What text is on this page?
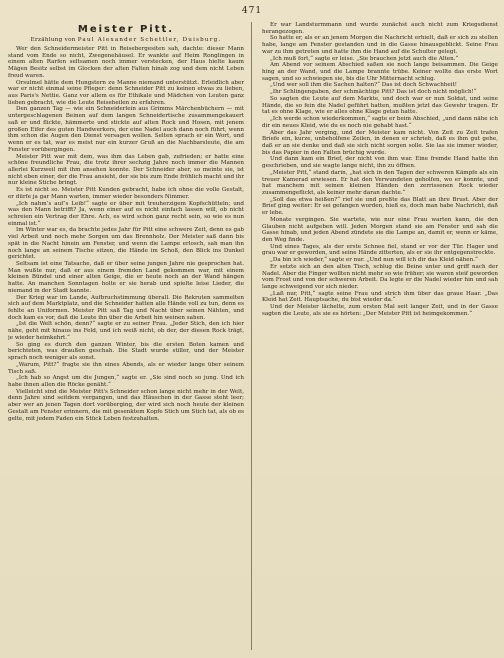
471
Meister Pitt.
Erzählung von Paul Alexander Schettler, Duisburg.

Wer den Schneidermeister Pitt in Reisebergesiten sah, dachte: dieser Mann stand vom Ende so nicht, Zwegenehäusel. Er wankte auf Heim Ronglingen in einem alten Rarfen seltsamen noch immer verstecken, der Haus hielte kaum Mägen Besitz selbst im Glocken der alten Falten hinab zog und dem nicht Leben freud waren.

Orsulmel hätte dem Hungstern zu Manne niemand unterstützt. Erleidlich aber war er nicht einmal seine Pfleger: denn Schneider Pitt zu keinen etwas zu lieben, aus Paris's Nettie. Ganz vor allem es für Ethikale und Mädchen von Leuten ganz lieben gebracht, wie die Leute Reiseheilen zu erfahren.

Den ganzen Tag — wie ein Schneiderlein aus Grimms Märchenbüchern — mit untergeschlagenen Beinen auf dem langen Schneidertische zusammengekauert saß er und flickte, hämmerte und stickte auf alten Rock und Hosen, mit jenem großen Eifer des guten Handwerkers, der eine Nadel auch dann noch führt, wenn ihm schon die Augen den Dienst versagen wollen. Selten sprach er ein Wort, und wenn er es tat, war es meist nur ein kurzer Gruß an die Nachbarsleute, die am Fenster vorübergingen.

Meister Pitt war mit dem, was ihm das Leben gab, zufrieden; er hatte eine schöne freundliche Frau, die trotz ihrer sechzig Jahre noch immer die Mannen allerlei Kurzweil mit ihm ansehen konnte. Der Schneider aber, so meinte sie, ist nicht eben einer, der die Frau ansieht, der sie bis zum Ende fröhlich macht und ihr nur kleine Stiche bringt.

Es ist nicht so. Meister Pitt Kunden gebracht, habe ich ohne die volle Gestalt, er dürfe ja gar Mann warten, immer wieder besonders Nimmer.

„Ich nahm’s auf’s Leib!“ sagte er über mit treuherzigem Kopfschütteln; und was den Mann betrifft? Ja, wenn einer auf es nicht einfach lassen will, ob nicht schreien ein Vertrag der Ehre. Ach, es wird schon ganz recht sein, so wie es nun einmal ist.“

Im Winter war es, da brachte jedes Jahr für Pitt eine schwere Zeit, denn es gab viel Arbeit und noch mehr Sorgen um das Brennholz. Der Meister saß dann bis spät in die Nacht hinein am Fenster, und wenn die Lampe erlosch, sah man ihn noch lange an seinem Tische sitzen, die Hände im Schoß, den Blick ins Dunkel gerichtet.

Seltsam ist eine Tatsache, daß er über seine jungen Jahre nie gesprochen hat. Man wußte nur, daß er aus einem fremden Land gekommen war, mit einem kleinen Bündel und einer alten Geige, die er heute noch an der Wand hängen hatte. An manchen Sonntagen holte er sie herab und spielte leise Lieder, die niemand in der Stadt kannte.

Der Krieg war im Lande, Aufbruchstimmung überall. Die Rekruten sammelten sich auf dem Marktplatz, und die Schneider hatten alle Hände voll zu tun, denn es fehlte an Uniformen. Meister Pitt saß Tag und Nacht über seinen Nähten, und doch kam es vor, daß die Leute ihn über die Arbeit hin weinen sahen.

„Ist die Welt schön, denn?“ sagte er zu seiner Frau. „Jeder Stich, den ich hier nähe, geht mit hinaus ins Feld, und ich weiß nicht, ob der, der diesen Rock trägt, je wieder heimkehrt.“

So ging es durch den ganzen Winter, bis die ersten Boten kamen und berichteten, was draußen geschah. Die Stadt wurde stiller, und der Meister sprach noch weniger als sonst.

„Warum, Pitt?“ fragte sie ihn eines Abends, als er wieder lange über seinem Tisch saß.

„Ich hab so Angst um die Jungen,“ sagte er. „Sie sind noch so jung. Und ich habe ihnen allen die Röcke genäht.“

Vielleicht sind die Meister Pitt's Schneider schon lange nicht mehr in der Welt, denn Jahre sind seitdem vergangen, und das Häuschen in der Gasse steht leer; aber wer an jenen Tagen dort vorüberging, der wird sich noch heute der kleinen Gestalt am Fenster erinnern, die mit gesenktem Kopfe Stich um Stich tat, als ob es gelte, mit jedem Faden ein Stück Leben festzuhalten.

Er war Landsturmmann und wurde zunächst auch nicht zum Kriegsdienst herangezogen.

So hatte er, als er an jenem Morgen die Nachricht erhielt, daß er sich zu stellen habe, lange am Fenster gestanden und in die Gasse hinausgeblickt. Seine Frau war zu ihm getreten und hatte ihm die Hand auf die Schulter gelegt.

„Ich muß fort,“ sagte er leise. „Sie brauchen jetzt auch die Alten.“

Am Abend vor seinem Abschied saßen sie noch lange beisammen. Die Geige hing an der Wand, und die Lampe brannte trübe. Keiner wollte das erste Wort sagen, und so schwiegen sie, bis die Uhr Mitternacht schlug.

„Und wer soll ihm die Sachen halten?“ Das ist doch Schwachheit!

„Ihr Schlingengaben, der schmächtige Pitt? Das ist doch nicht möglich!“

So sagten die Leute auf dem Markte, und doch war er nun Soldat, und seine Hände, die so fein die Nadel geführt hatten, mußten jetzt das Gewehr tragen. Er tat es ohne Klage, wie er alles ohne Klage getan hatte.

„Ich werde schon wiederkommen,“ sagte er beim Abschied, „und dann nähe ich dir ein neues Kleid, wie du es noch nie gehabt hast.“

Aber das Jahr verging, und der Meister kam nicht. Von Zeit zu Zeit trafen Briefe ein, kurze, unbeholfene Zeilen, in denen er schrieb, daß es ihm gut gehe, daß er an sie denke und daß sie sich nicht sorgen solle. Sie las sie immer wieder, bis das Papier in den Falten brüchig wurde.

Und dann kam ein Brief, der nicht von ihm war. Eine fremde Hand hatte ihn geschrieben, und sie wagte lange nicht, ihn zu öffnen.

„Meister Pitt,“ stand darin, „hat sich in den Tagen der schweren Kämpfe als ein treuer Kamerad erwiesen. Er hat den Verwundeten geholfen, wo er konnte, und hat manchem mit seinen kleinen Händen den zerrissenen Rock wieder zusammengeflickt, als keiner mehr daran dachte.“

„Soll das etwa heißen?“ rief sie und preßte das Blatt an ihre Brust. Aber der Brief ging weiter: Er sei gefangen worden, hieß es, doch man habe Nachricht, daß er lebe.

Monate vergingen. Sie wartete, wie nur eine Frau warten kann, die den Glauben nicht aufgeben will. Jeden Morgen stand sie am Fenster und sah die Gasse hinab, und jeden Abend zündete sie die Lampe an, damit er, wenn er käme, den Weg finde.

Und eines Tages, als der erste Schnee fiel, stand er vor der Tür. Hager und grau war er geworden, und seine Hände zitterten, als er sie ihr entgegenstreckte.

„Da bin ich wieder,“ sagte er nur. „Und nun will ich dir das Kleid nähen.“

Er setzte sich an den alten Tisch, schlug die Beine unter und griff nach der Nadel. Aber die Finger wollten nicht mehr so wie früher; sie waren steif geworden vom Frost und von der schweren Arbeit. Da legte er die Nadel wieder hin und sah lange schweigend vor sich nieder.

„Laß nur, Pitt,“ sagte seine Frau und strich ihm über das graue Haar. „Das Kleid hat Zeit. Hauptsache, du bist wieder da.“

Und der Meister lächelte, zum ersten Mal seit langer Zeit, und in der Gasse sagten die Leute, als sie es hörten: „Der Meister Pitt ist heimgekommen.“
